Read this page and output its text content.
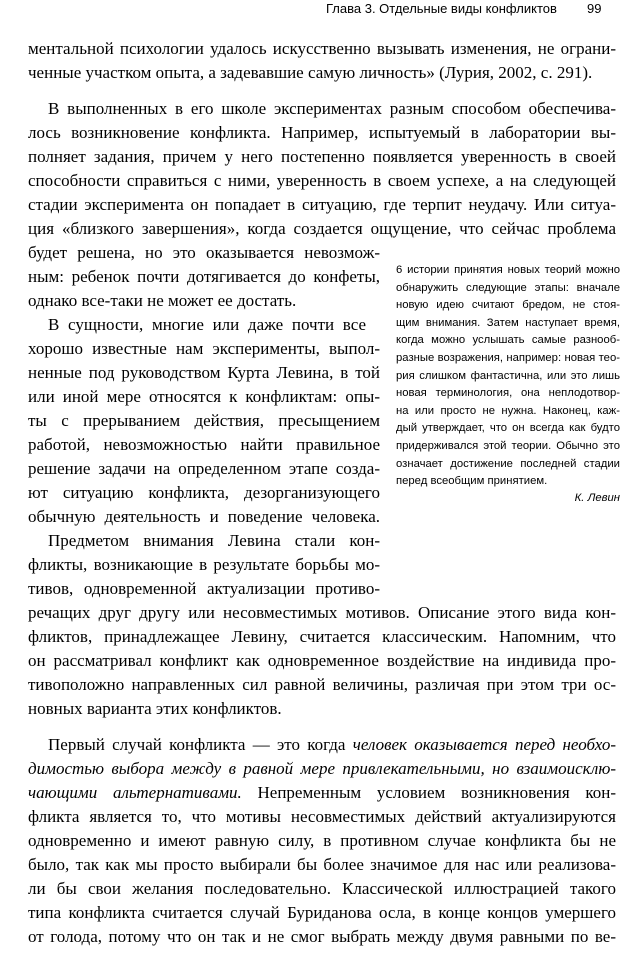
Глава 3. Отдельные виды конфликтов 99
ментальной психологии удалось искусственно вызывать изменения, не ограни-
ченные участком опыта, а задевавшие самую личность» (Лурия, 2002, с. 291).
В выполненных в его школе экспериментах разным способом обеспечива-
лось возникновение конфликта. Например, испытуемый в лаборатории вы-
полняет задания, причем у него постепенно появляется уверенность в своей
способности справиться с ними, уверенность в своем успехе, а на следующей
стадии эксперимента он попадает в ситуацию, где терпит неудачу. Или ситуа-
ция «близкого завершения», когда создается ощущение, что сейчас проблема
будет решена, но это оказывается невозмож-
ным: ребенок почти дотягивается до конфеты,
однако все-таки не может ее достать.
В сущности, многие или даже почти все
хорошо известные нам эксперименты, выпол-
ненные под руководством Курта Левина, в той
или иной мере относятся к конфликтам: опы-
ты с прерыванием действия, пресыщением
работой, невозможностью найти правильное
решение задачи на определенном этапе созда-
ют ситуацию конфликта, дезорганизующего
обычную деятельность и поведение человека.
Предметом внимания Левина стали кон-
фликты, возникающие в результате борьбы мо-
тивов, одновременной актуализации противо-
речащих друг другу или несовместимых мотивов. Описание этого вида кон-
фликтов, принадлежащее Левину, считается классическим. Напомним, что
он рассматривал конфликт как одновременное воздействие на индивида про-
тивоположно направленных сил равной величины, различая при этом три ос-
новных варианта этих конфликтов.
Первый случай конфликта — это когда человек оказывается перед необхо-
димостью выбора между в равной мере привлекательными, но взаимоисклю-
чающими альтернативами. Непременным условием возникновения кон-
фликта является то, что мотивы несовместимых действий актуализируются
одновременно и имеют равную силу, в противном случае конфликта бы не
было, так как мы просто выбирали бы более значимое для нас или реализова-
ли бы свои желания последовательно. Классической иллюстрацией такого
типа конфликта считается случай Буриданова осла, в конце концов умершего
от голода, потому что он так и не смог выбрать между двумя равными по ве-
6 истории принятия новых теорий можно
обнаружить следующие этапы: вначале
новую идею считают бредом, не стоя-
щим внимания. Затем наступает время,
когда можно услышать самые разноoб-
разные возражения, например: новая тео-
рия слишком фантастична, или это лишь
новая терминология, она неплодотвор-
на или просто не нужна. Наконец, каж-
дый утверждает, что он всегда как будто
придерживался этой теории. Обычно это
означает достижение последней стадии
перед всеобщим принятием.
К. Левин
